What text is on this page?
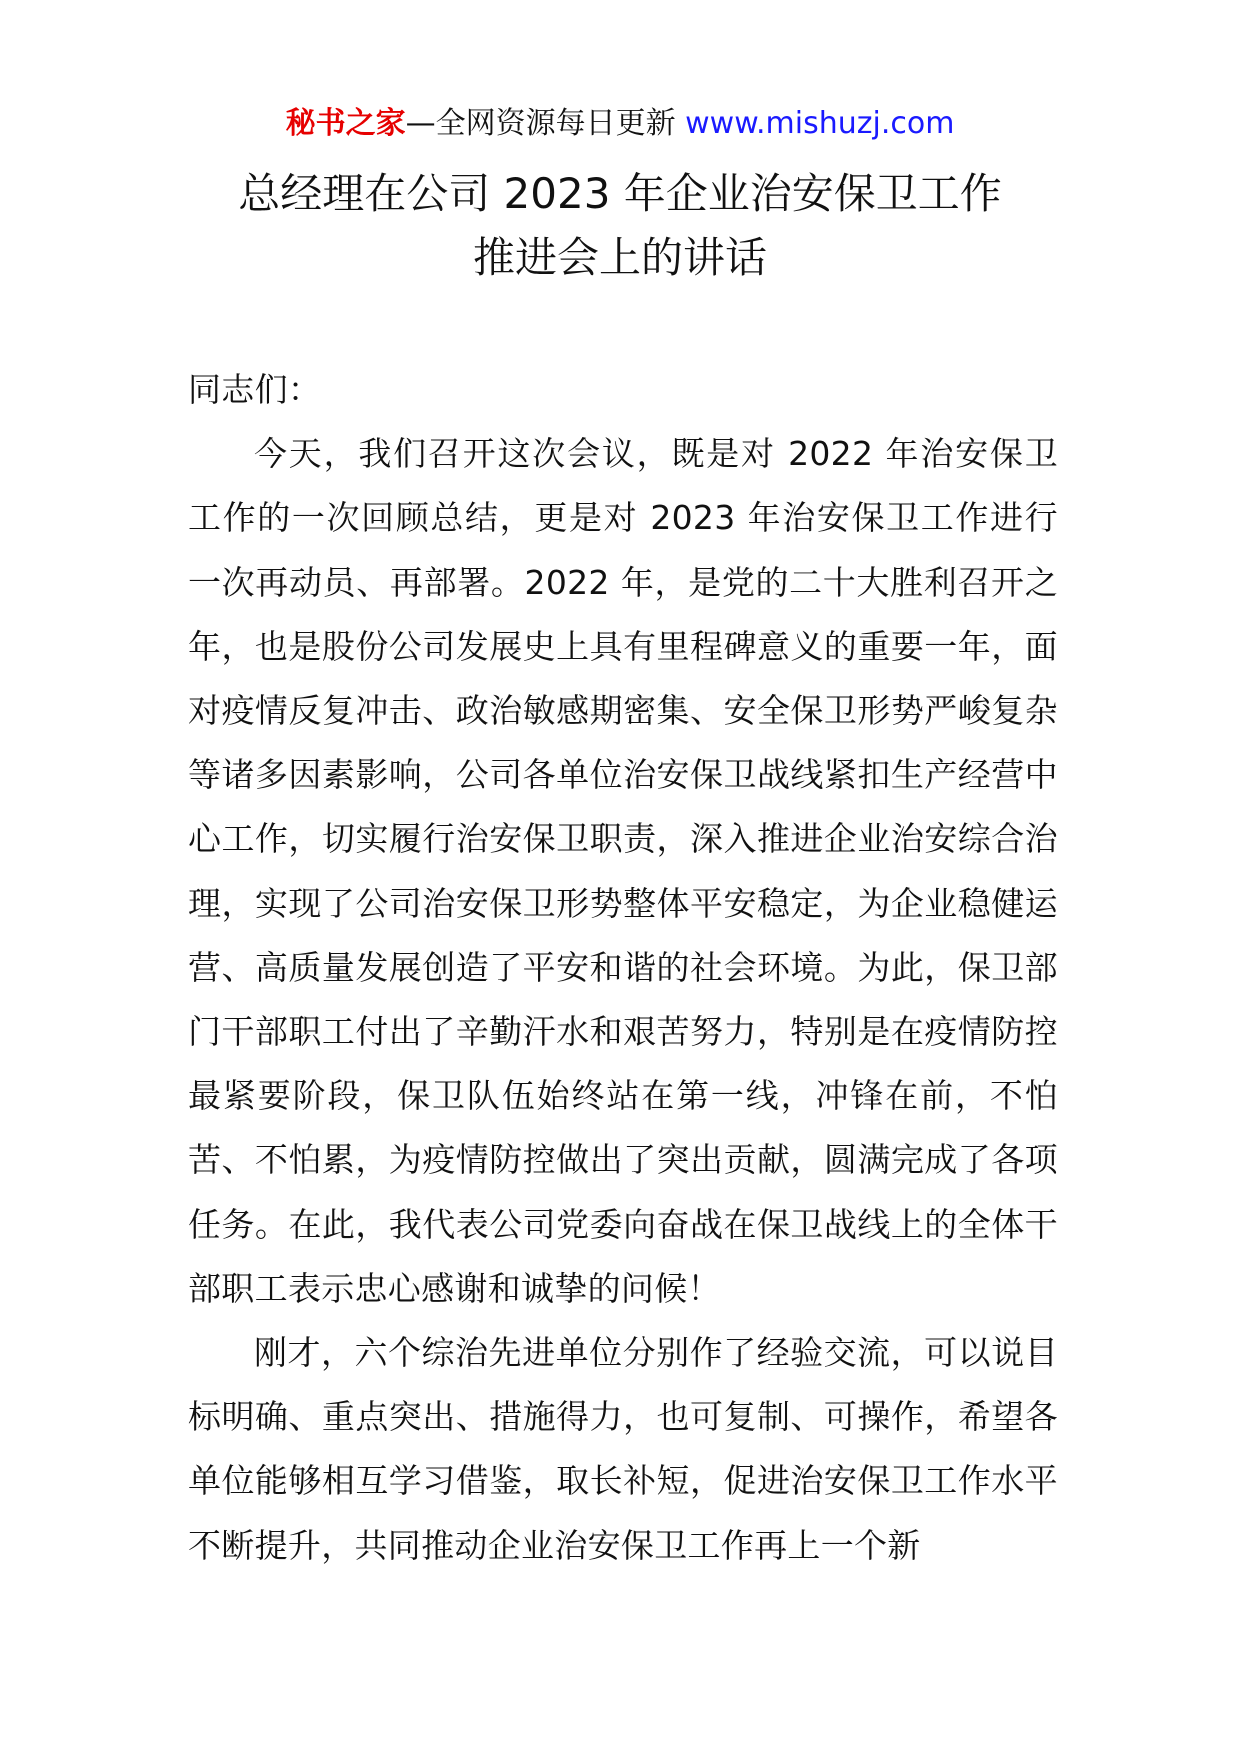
秘书之家—全网资源每日更新 www.mishuzj.com
总经理在公司 2023 年企业治安保卫工作
推进会上的讲话

同志们：

今天，我们召开这次会议，既是对 2022 年治安保卫工作的一次回顾总结，更是对 2023 年治安保卫工作进行一次再动员、再部署。2022 年，是党的二十大胜利召开之年，也是股份公司发展史上具有里程碑意义的重要一年，面对疫情反复冲击、政治敏感期密集、安全保卫形势严峻复杂等诸多因素影响，公司各单位治安保卫战线紧扣生产经营中心工作，切实履行治安保卫职责，深入推进企业治安综合治理，实现了公司治安保卫形势整体平安稳定，为企业稳健运营、高质量发展创造了平安和谐的社会环境。为此，保卫部门干部职工付出了辛勤汗水和艰苦努力，特别是在疫情防控最紧要阶段，保卫队伍始终站在第一线，冲锋在前，不怕苦、不怕累，为疫情防控做出了突出贡献，圆满完成了各项任务。在此，我代表公司党委向奋战在保卫战线上的全体干部职工表示忠心感谢和诚挚的问候！

刚才，六个综治先进单位分别作了经验交流，可以说目标明确、重点突出、措施得力，也可复制、可操作，希望各单位能够相互学习借鉴，取长补短，促进治安保卫工作水平不断提升，共同推动企业治安保卫工作再上一个新
